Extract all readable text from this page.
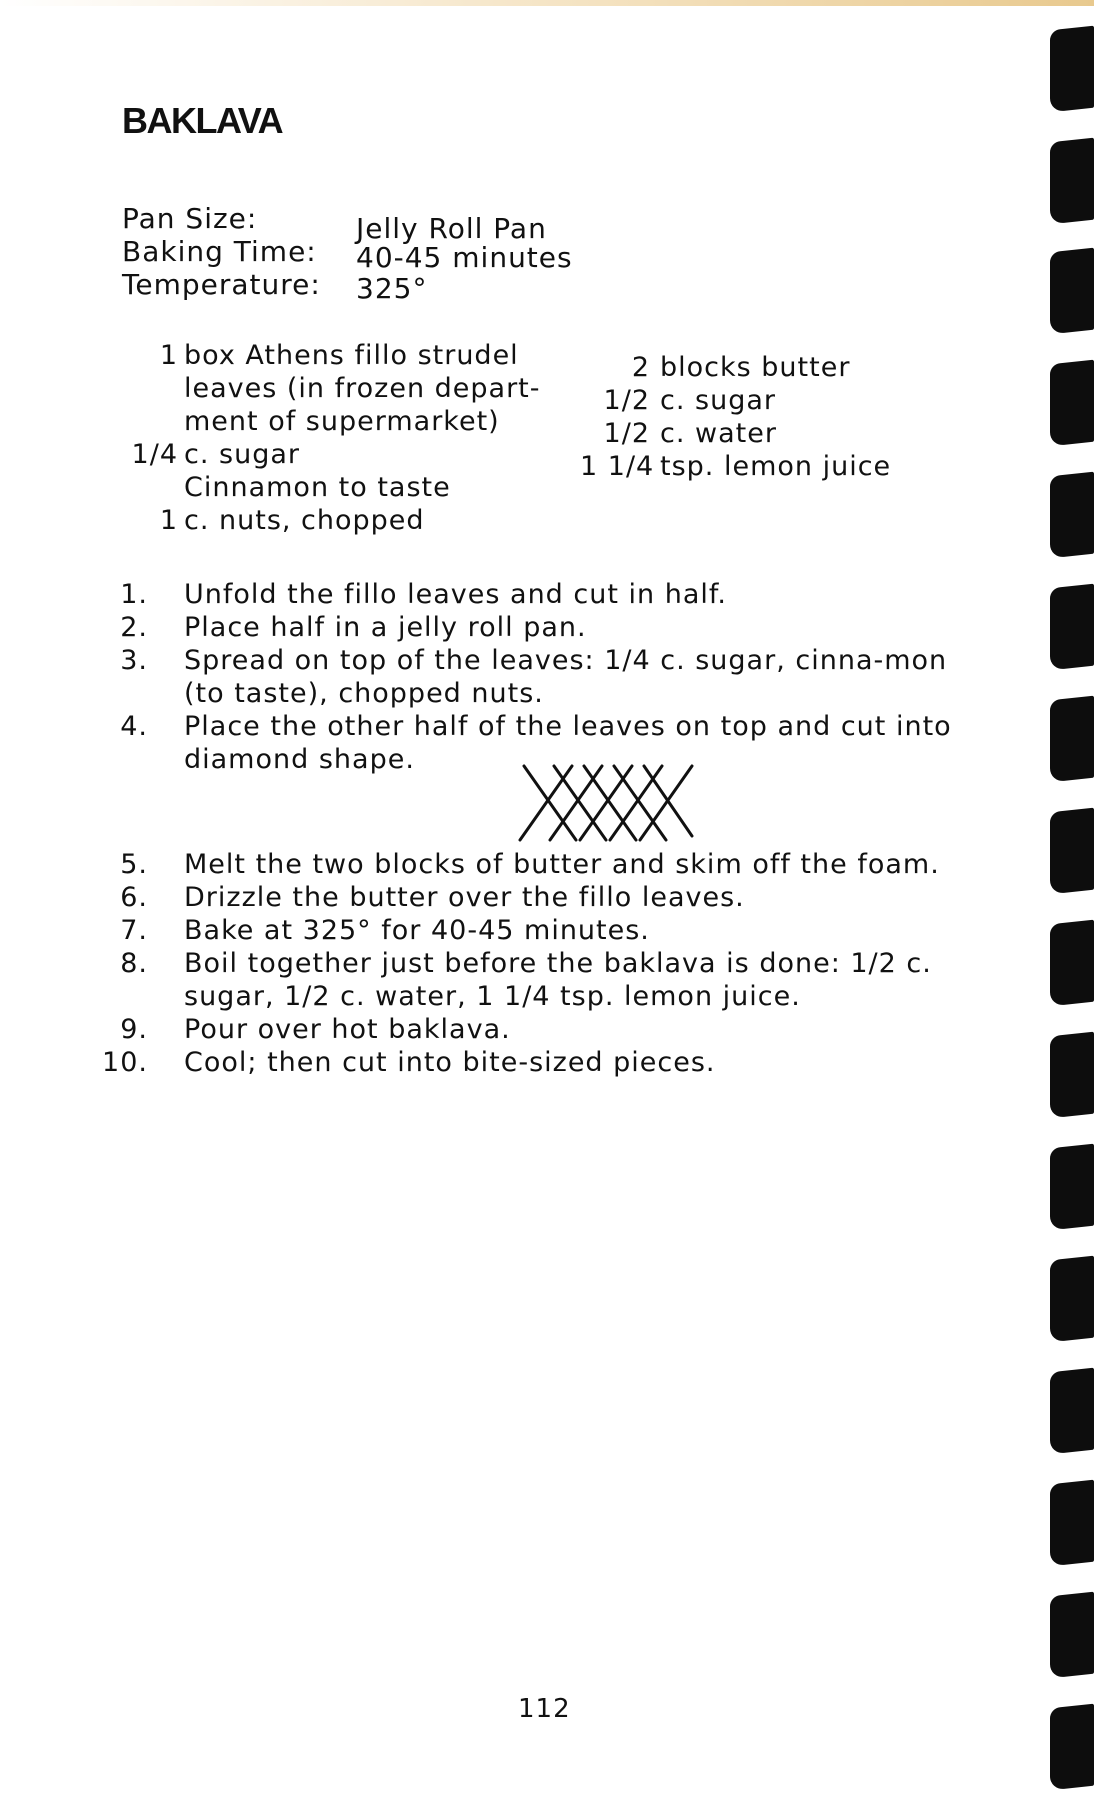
BAKLAVA
Pan Size:	Jelly Roll Pan
Baking Time: 40-45 minutes
Temperature: 325°
1 box Athens fillo strudel
leaves (in frozen depart-
ment of supermarket)
1/4 c. sugar
Cinnamon to taste
1 c. nuts, chopped
2 blocks butter
1/2 c. sugar
1/2 c. water
1 1/4 tsp. lemon juice
1. Unfold the fillo leaves and cut in half.
2. Place half in a jelly roll pan.
3. Spread on top of the leaves: 1/4 c. sugar, cinna-mon (to taste), chopped nuts.
4. Place the other half of the leaves on top and cut into diamond shape.
5. Melt the two blocks of butter and skim off the foam.
6. Drizzle the butter over the fillo leaves.
7. Bake at 325° for 40-45 minutes.
8. Boil together just before the baklava is done: 1/2 c. sugar, 1/2 c. water, 1 1/4 tsp. lemon juice.
9. Pour over hot baklava.
10. Cool; then cut into bite-sized pieces.
112
